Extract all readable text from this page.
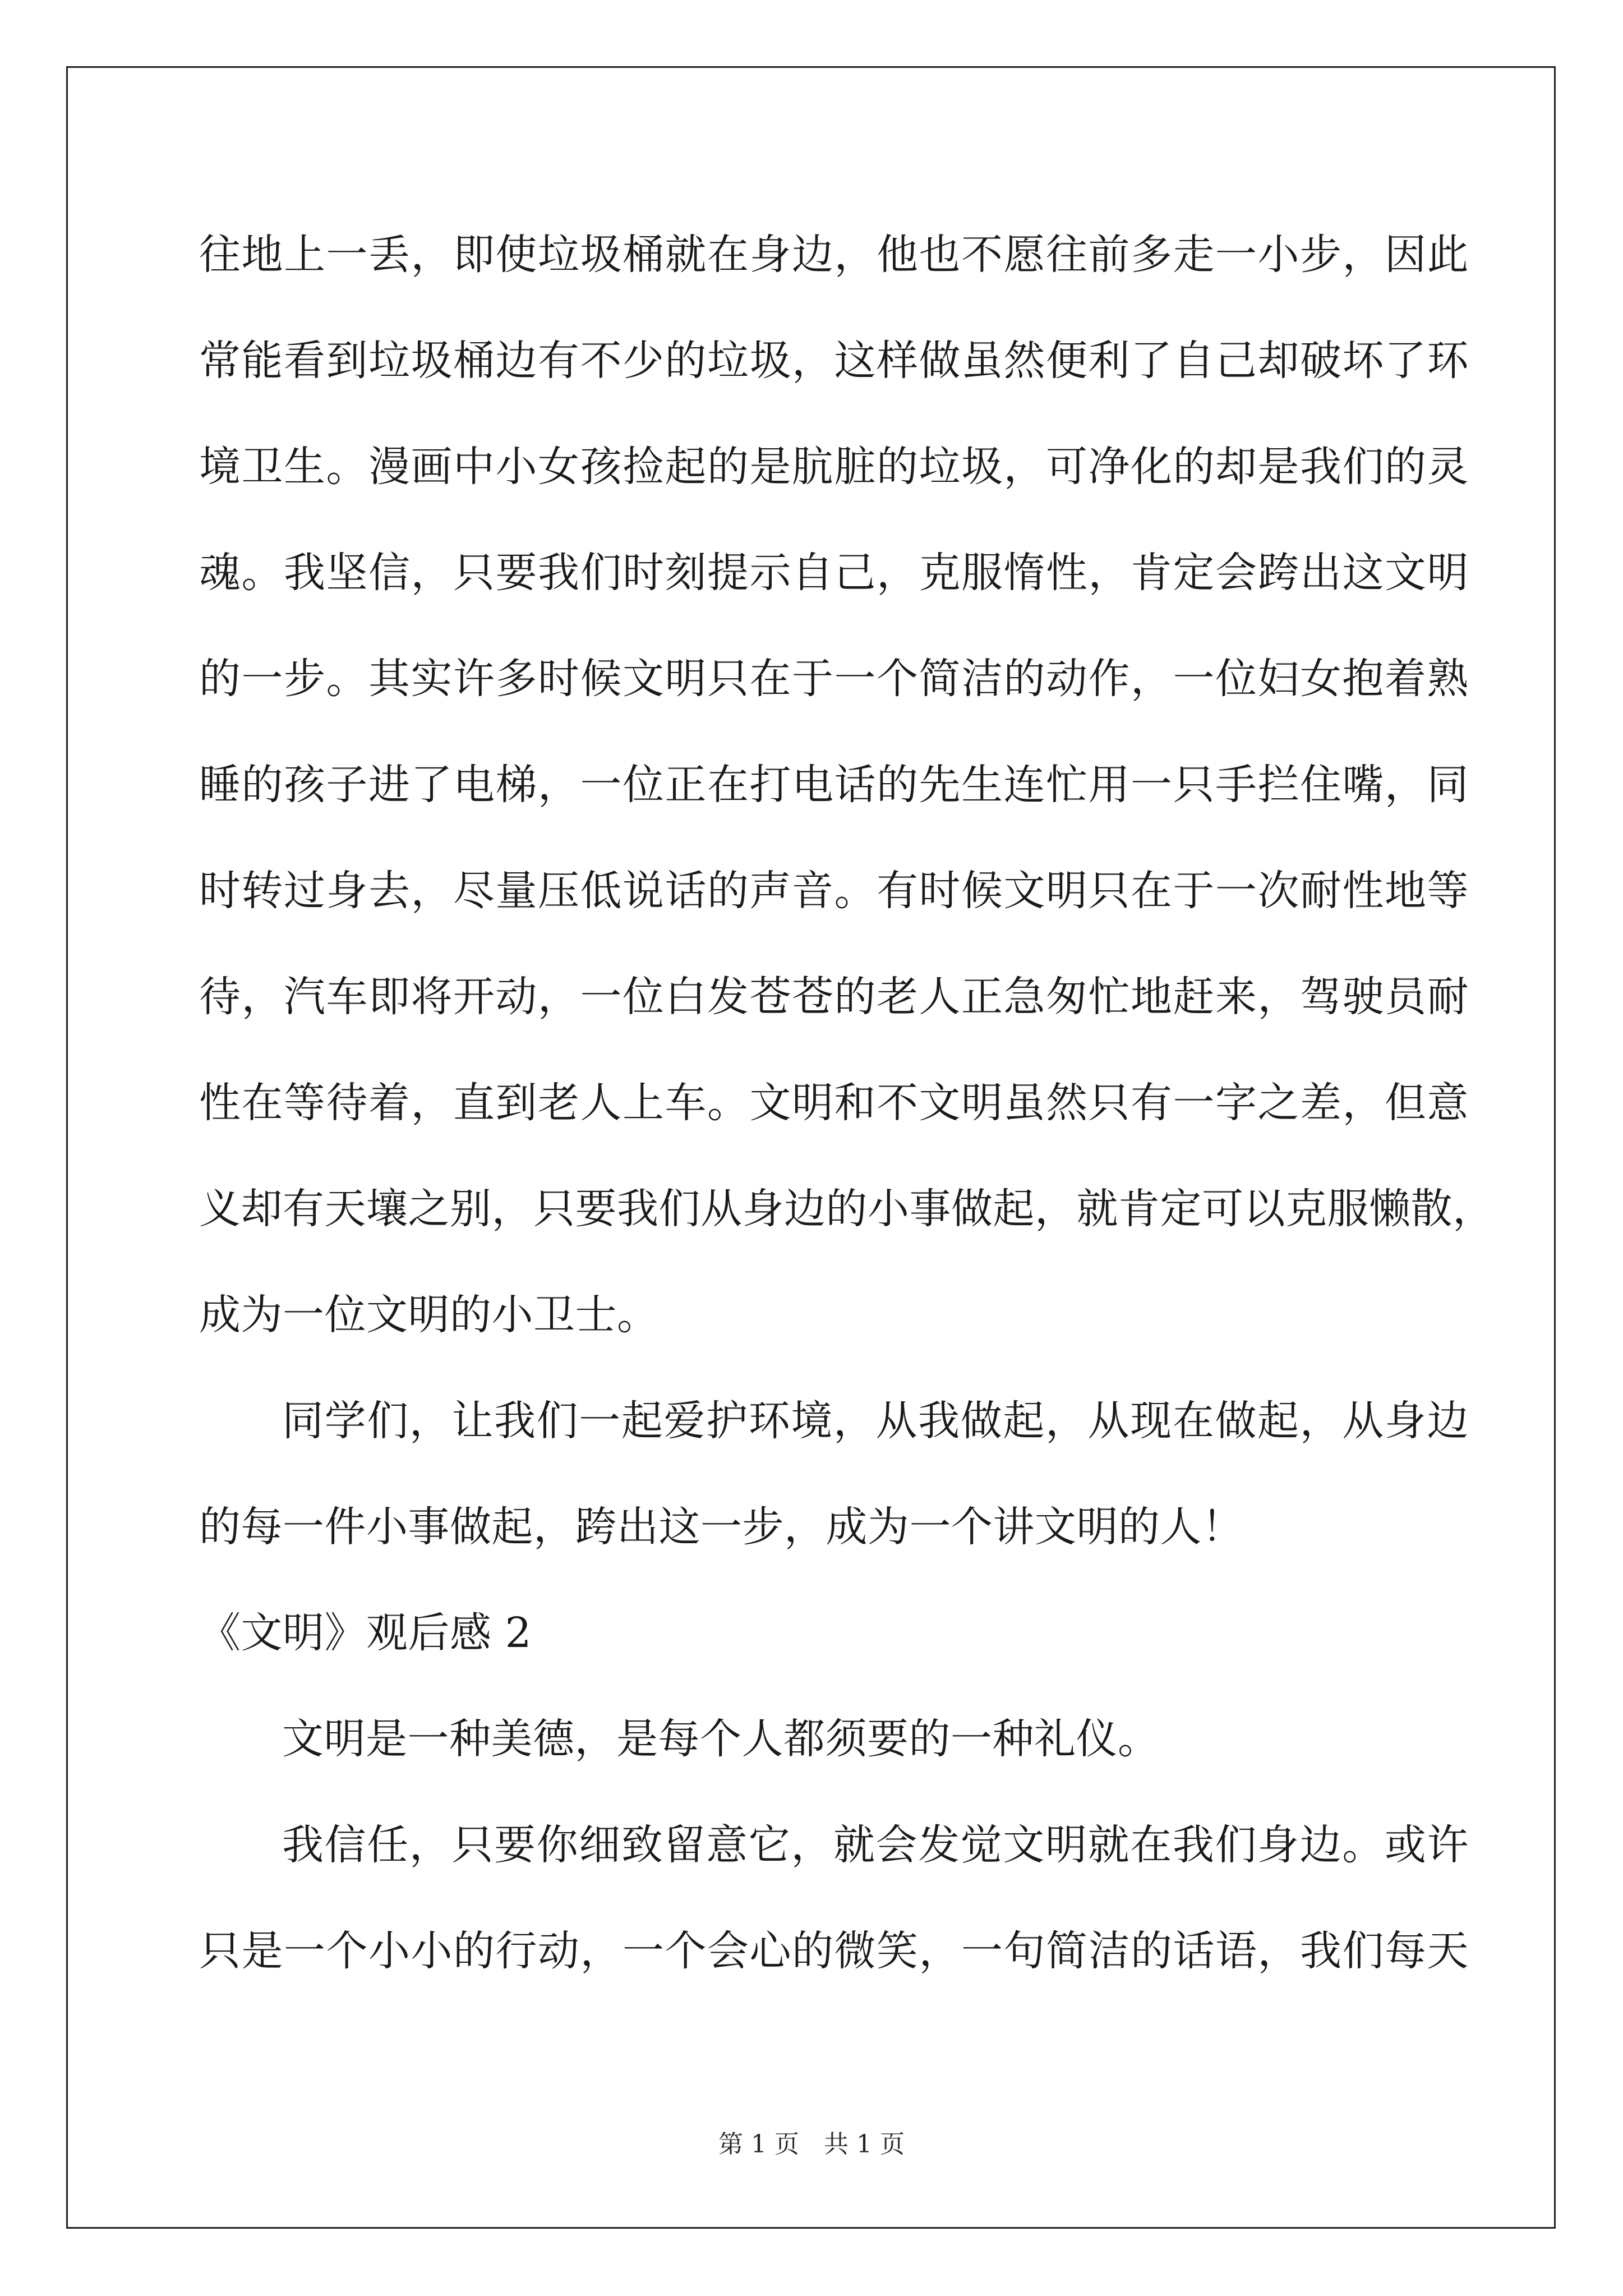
往地上一丢，即使垃圾桶就在身边，他也不愿往前多走一小步，因此
常能看到垃圾桶边有不少的垃圾，这样做虽然便利了自己却破坏了环
境卫生。漫画中小女孩捡起的是肮脏的垃圾，可净化的却是我们的灵
魂。我坚信，只要我们时刻提示自己，克服惰性，肯定会跨出这文明
的一步。其实许多时候文明只在于一个简洁的动作，一位妇女抱着熟
睡的孩子进了电梯，一位正在打电话的先生连忙用一只手拦住嘴，同
时转过身去，尽量压低说话的声音。有时候文明只在于一次耐性地等
待，汽车即将开动，一位白发苍苍的老人正急匆忙地赶来，驾驶员耐
性在等待着，直到老人上车。文明和不文明虽然只有一字之差，但意
义却有天壤之别，只要我们从身边的小事做起，就肯定可以克服懒散，
成为一位文明的小卫士。
同学们，让我们一起爱护环境，从我做起，从现在做起，从身边
的每一件小事做起，跨出这一步，成为一个讲文明的人！
《文明》观后感 2
文明是一种美德，是每个人都须要的一种礼仪。
我信任，只要你细致留意它，就会发觉文明就在我们身边。或许
只是一个小小的行动，一个会心的微笑，一句简洁的话语，我们每天
第 1 页　共 1 页
